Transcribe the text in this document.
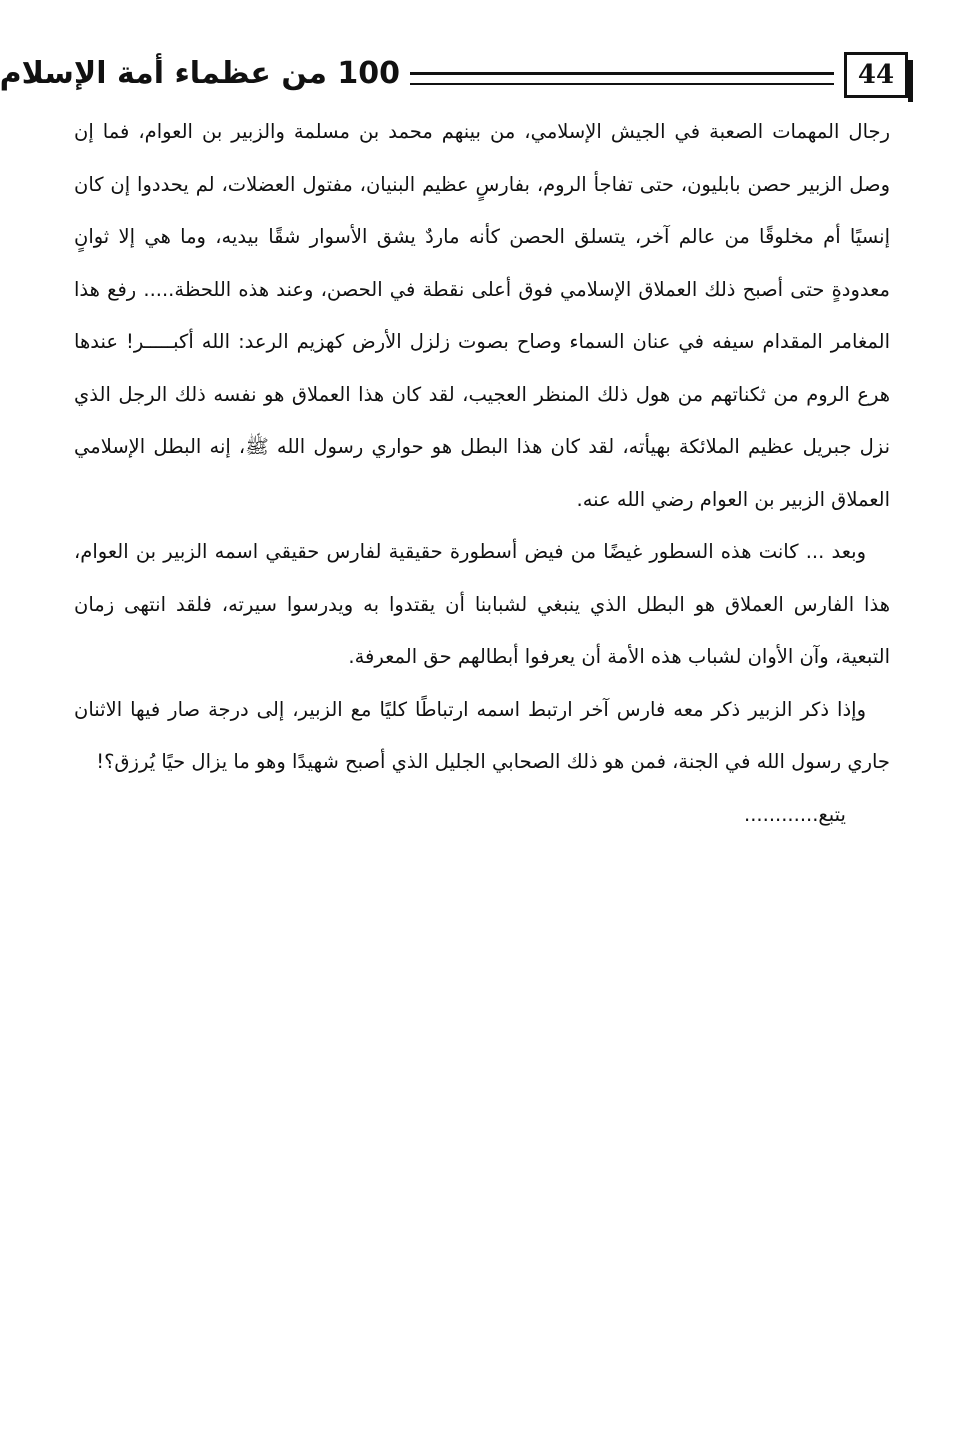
44
100 من عظماء أمة الإسلام

رجال المهمات الصعبة في الجيش الإسلامي، من بينهم محمد بن مسلمة والزبير بن العوام، فما إن وصل الزبير حصن بابليون، حتى تفاجأ الروم، بفارسٍ عظيم البنيان، مفتول العضلات، لم يحددوا إن كان إنسيًا أم مخلوقًا من عالم آخر، يتسلق الحصن كأنه ماردٌ يشق الأسوار شقًا بيديه، وما هي إلا ثوانٍ معدودةٍ حتى أصبح ذلك العملاق الإسلامي فوق أعلى نقطة في الحصن، وعند هذه اللحظة..... رفع هذا المغامر المقدام سيفه في عنان السماء وصاح بصوت زلزل الأرض كهزيم الرعد: الله أكبـــــر! عندها هرع الروم من ثكناتهم من هول ذلك المنظر العجيب، لقد كان هذا العملاق هو نفسه ذلك الرجل الذي نزل جبريل عظيم الملائكة بهيأته، لقد كان هذا البطل هو حواري رسول الله ﷺ، إنه البطل الإسلامي العملاق الزبير بن العوام رضي الله عنه.

وبعد ... كانت هذه السطور غيضًا من فيض أسطورة حقيقية لفارس حقيقي اسمه الزبير بن العوام، هذا الفارس العملاق هو البطل الذي ينبغي لشبابنا أن يقتدوا به ويدرسوا سيرته، فلقد انتهى زمان التبعية، وآن الأوان لشباب هذه الأمة أن يعرفوا أبطالهم حق المعرفة.

وإذا ذكر الزبير ذكر معه فارس آخر ارتبط اسمه ارتباطًا كليًا مع الزبير، إلى درجة صار فيها الاثنان جاري رسول الله في الجنة، فمن هو ذلك الصحابي الجليل الذي أصبح شهيدًا وهو ما يزال حيًا يُرزق؟!

يتبع............
